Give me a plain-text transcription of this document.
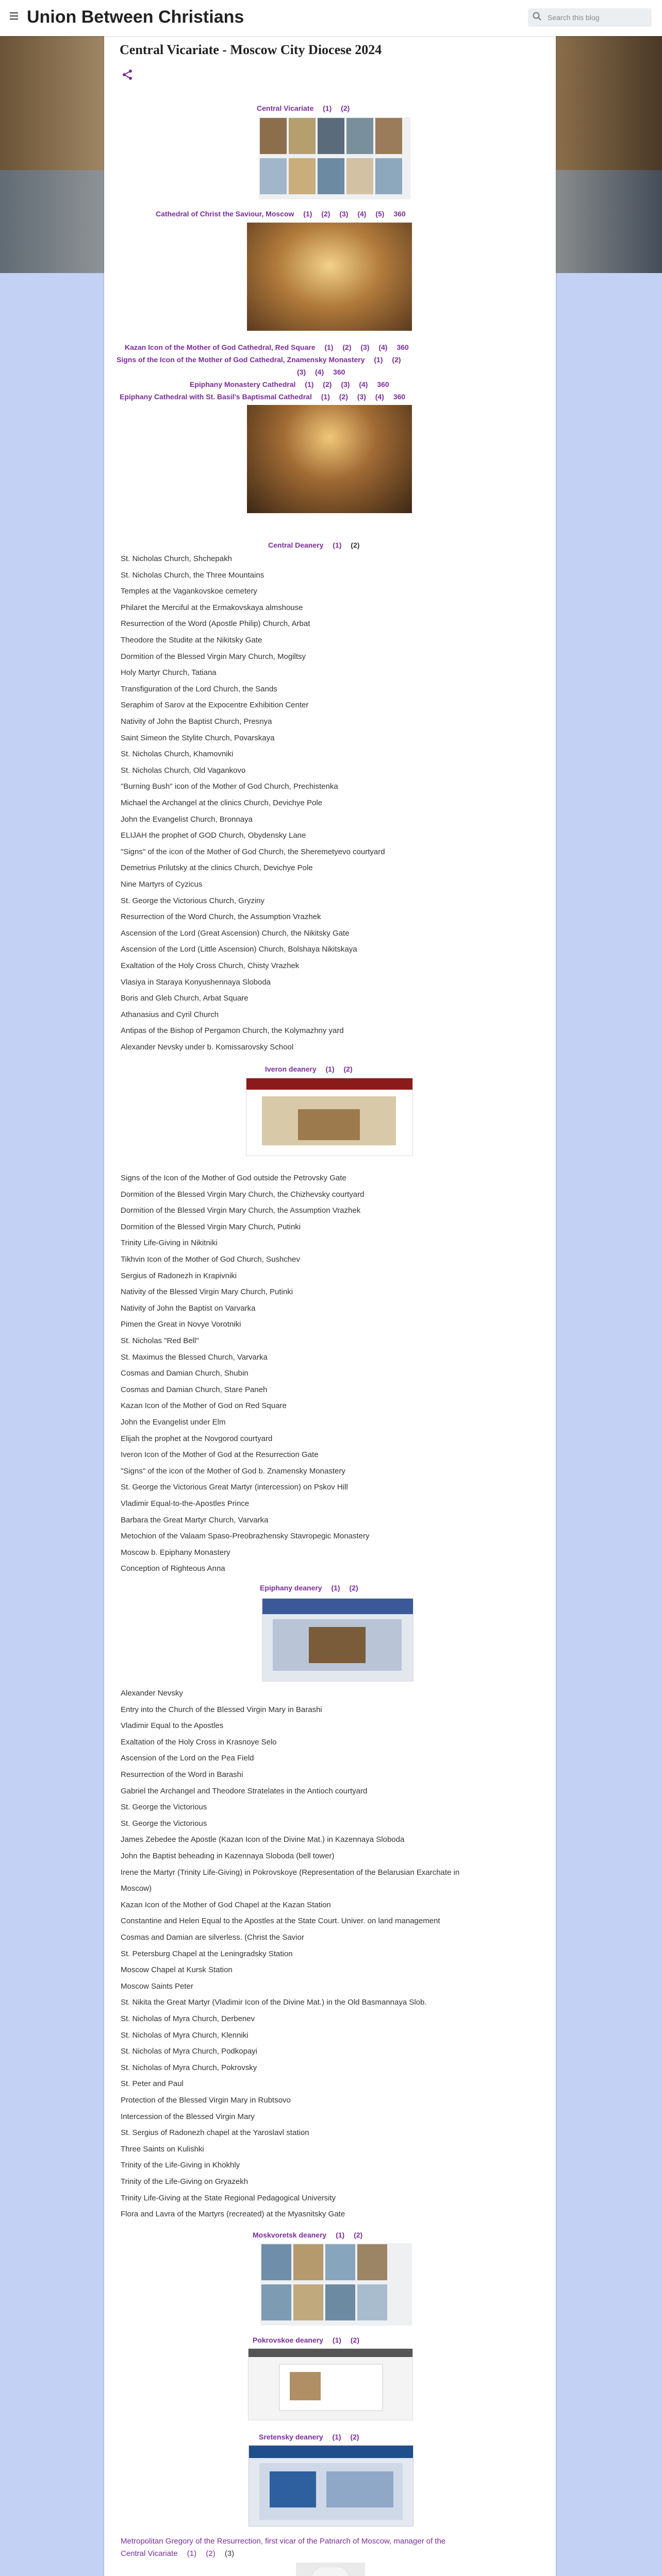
Union Between Christians	Search this blog
Central Vicariate - Moscow City Diocese 2024
Central Vicariate (1) (2)
Cathedral of Christ the Saviour, Moscow (1) (2) (3) (4) (5) 360
Kazan Icon of the Mother of God Cathedral, Red Square (1) (2) (3) (4) 360
Signs of the Icon of the Mother of God Cathedral, Znamensky Monastery (1) (2)
(3) (4) 360
Epiphany Monastery Cathedral (1) (2) (3) (4) 360
Epiphany Cathedral with St. Basil's Baptismal Cathedral (1) (2) (3) (4) 360
Central Deanery (1) (2)
St. Nicholas Church, Shchepakh
St. Nicholas Church, the Three Mountains
Temples at the Vagankovskoe cemetery
Philaret the Merciful at the Ermakovskaya almshouse
Resurrection of the Word (Apostle Philip) Church, Arbat
Theodore the Studite at the Nikitsky Gate
Dormition of the Blessed Virgin Mary Church, Mogiltsy
Holy Martyr Church, Tatiana
Transfiguration of the Lord Church, the Sands
Seraphim of Sarov at the Expocentre Exhibition Center
Nativity of John the Baptist Church, Presnya
Saint Simeon the Stylite Church, Povarskaya
St. Nicholas Church, Khamovniki
St. Nicholas Church, Old Vagankovo
"Burning Bush" icon of the Mother of God Church, Prechistenka
Michael the Archangel at the clinics Church, Devichye Pole
John the Evangelist Church, Bronnaya
ELIJAH the prophet of GOD Church, Obydensky Lane
"Signs" of the icon of the Mother of God Church, the Sheremetyevo courtyard
Demetrius Prilutsky at the clinics Church, Devichye Pole
Nine Martyrs of Cyzicus
St. George the Victorious Church, Gryziny
Resurrection of the Word Church, the Assumption Vrazhek
Ascension of the Lord (Great Ascension) Church, the Nikitsky Gate
Ascension of the Lord (Little Ascension) Church, Bolshaya Nikitskaya
Exaltation of the Holy Cross Church, Chisty Vrazhek
Vlasiya in Staraya Konyushennaya Sloboda
Boris and Gleb Church, Arbat Square
Athanasius and Cyril Church
Antipas of the Bishop of Pergamon Church, the Kolymazhny yard
Alexander Nevsky under b. Komissarovsky School
Iveron deanery (1) (2)
Signs of the Icon of the Mother of God outside the Petrovsky Gate
Dormition of the Blessed Virgin Mary Church, the Chizhevsky courtyard
Dormition of the Blessed Virgin Mary Church, the Assumption Vrazhek
Dormition of the Blessed Virgin Mary Church, Putinki
Trinity Life-Giving in Nikitniki
Tikhvin Icon of the Mother of God Church, Sushchev
Sergius of Radonezh in Krapivniki
Nativity of the Blessed Virgin Mary Church, Putinki
Nativity of John the Baptist on Varvarka
Pimen the Great in Novye Vorotniki
St. Nicholas "Red Bell"
St. Maximus the Blessed Church, Varvarka
Cosmas and Damian Church, Shubin
Cosmas and Damian Church, Stare Paneh
Kazan Icon of the Mother of God on Red Square
John the Evangelist under Elm
Elijah the prophet at the Novgorod courtyard
Iveron Icon of the Mother of God at the Resurrection Gate
"Signs" of the icon of the Mother of God b. Znamensky Monastery
St. George the Victorious Great Martyr (intercession) on Pskov Hill
Vladimir Equal-to-the-Apostles Prince
Barbara the Great Martyr Church, Varvarka
Metochion of the Valaam Spaso-Preobrazhensky Stavropegic Monastery
Moscow b. Epiphany Monastery
Conception of Righteous Anna
Epiphany deanery (1) (2)
Alexander Nevsky
Entry into the Church of the Blessed Virgin Mary in Barashi
Vladimir Equal to the Apostles
Exaltation of the Holy Cross in Krasnoye Selo
Ascension of the Lord on the Pea Field
Resurrection of the Word in Barashi
Gabriel the Archangel and Theodore Stratelates in the Antioch courtyard
St. George the Victorious
St. George the Victorious
James Zebedee the Apostle (Kazan Icon of the Divine Mat.) in Kazennaya Sloboda
John the Baptist beheading in Kazennaya Sloboda (bell tower)
Irene the Martyr (Trinity Life-Giving) in Pokrovskoye (Representation of the Belarusian Exarchate in
Moscow)
Kazan Icon of the Mother of God Chapel at the Kazan Station
Constantine and Helen Equal to the Apostles at the State Court. Univer. on land management
Cosmas and Damian are silverless. (Christ the Savior
St. Petersburg Chapel at the Leningradsky Station
Moscow Chapel at Kursk Station
Moscow Saints Peter
St. Nikita the Great Martyr (Vladimir Icon of the Divine Mat.) in the Old Basmannaya Slob.
St. Nicholas of Myra Church, Derbenev
St. Nicholas of Myra Church, Klenniki
St. Nicholas of Myra Church, Podkopayi
St. Nicholas of Myra Church, Pokrovsky
St. Peter and Paul
Protection of the Blessed Virgin Mary in Rubtsovo
Intercession of the Blessed Virgin Mary
St. Sergius of Radonezh chapel at the Yaroslavl station
Three Saints on Kulishki
Trinity of the Life-Giving in Khokhly
Trinity of the Life-Giving on Gryazekh
Trinity Life-Giving at the State Regional Pedagogical University
Flora and Lavra of the Martyrs (recreated) at the Myasnitsky Gate
Moskvoretsk deanery (1) (2)
Pokrovskoe deanery (1) (2)
Sretensky deanery (1) (2)
Metropolitan Gregory of the Resurrection, first vicar of the Patriarch of Moscow, manager of the
Central Vicariate (1) (2) (3)
